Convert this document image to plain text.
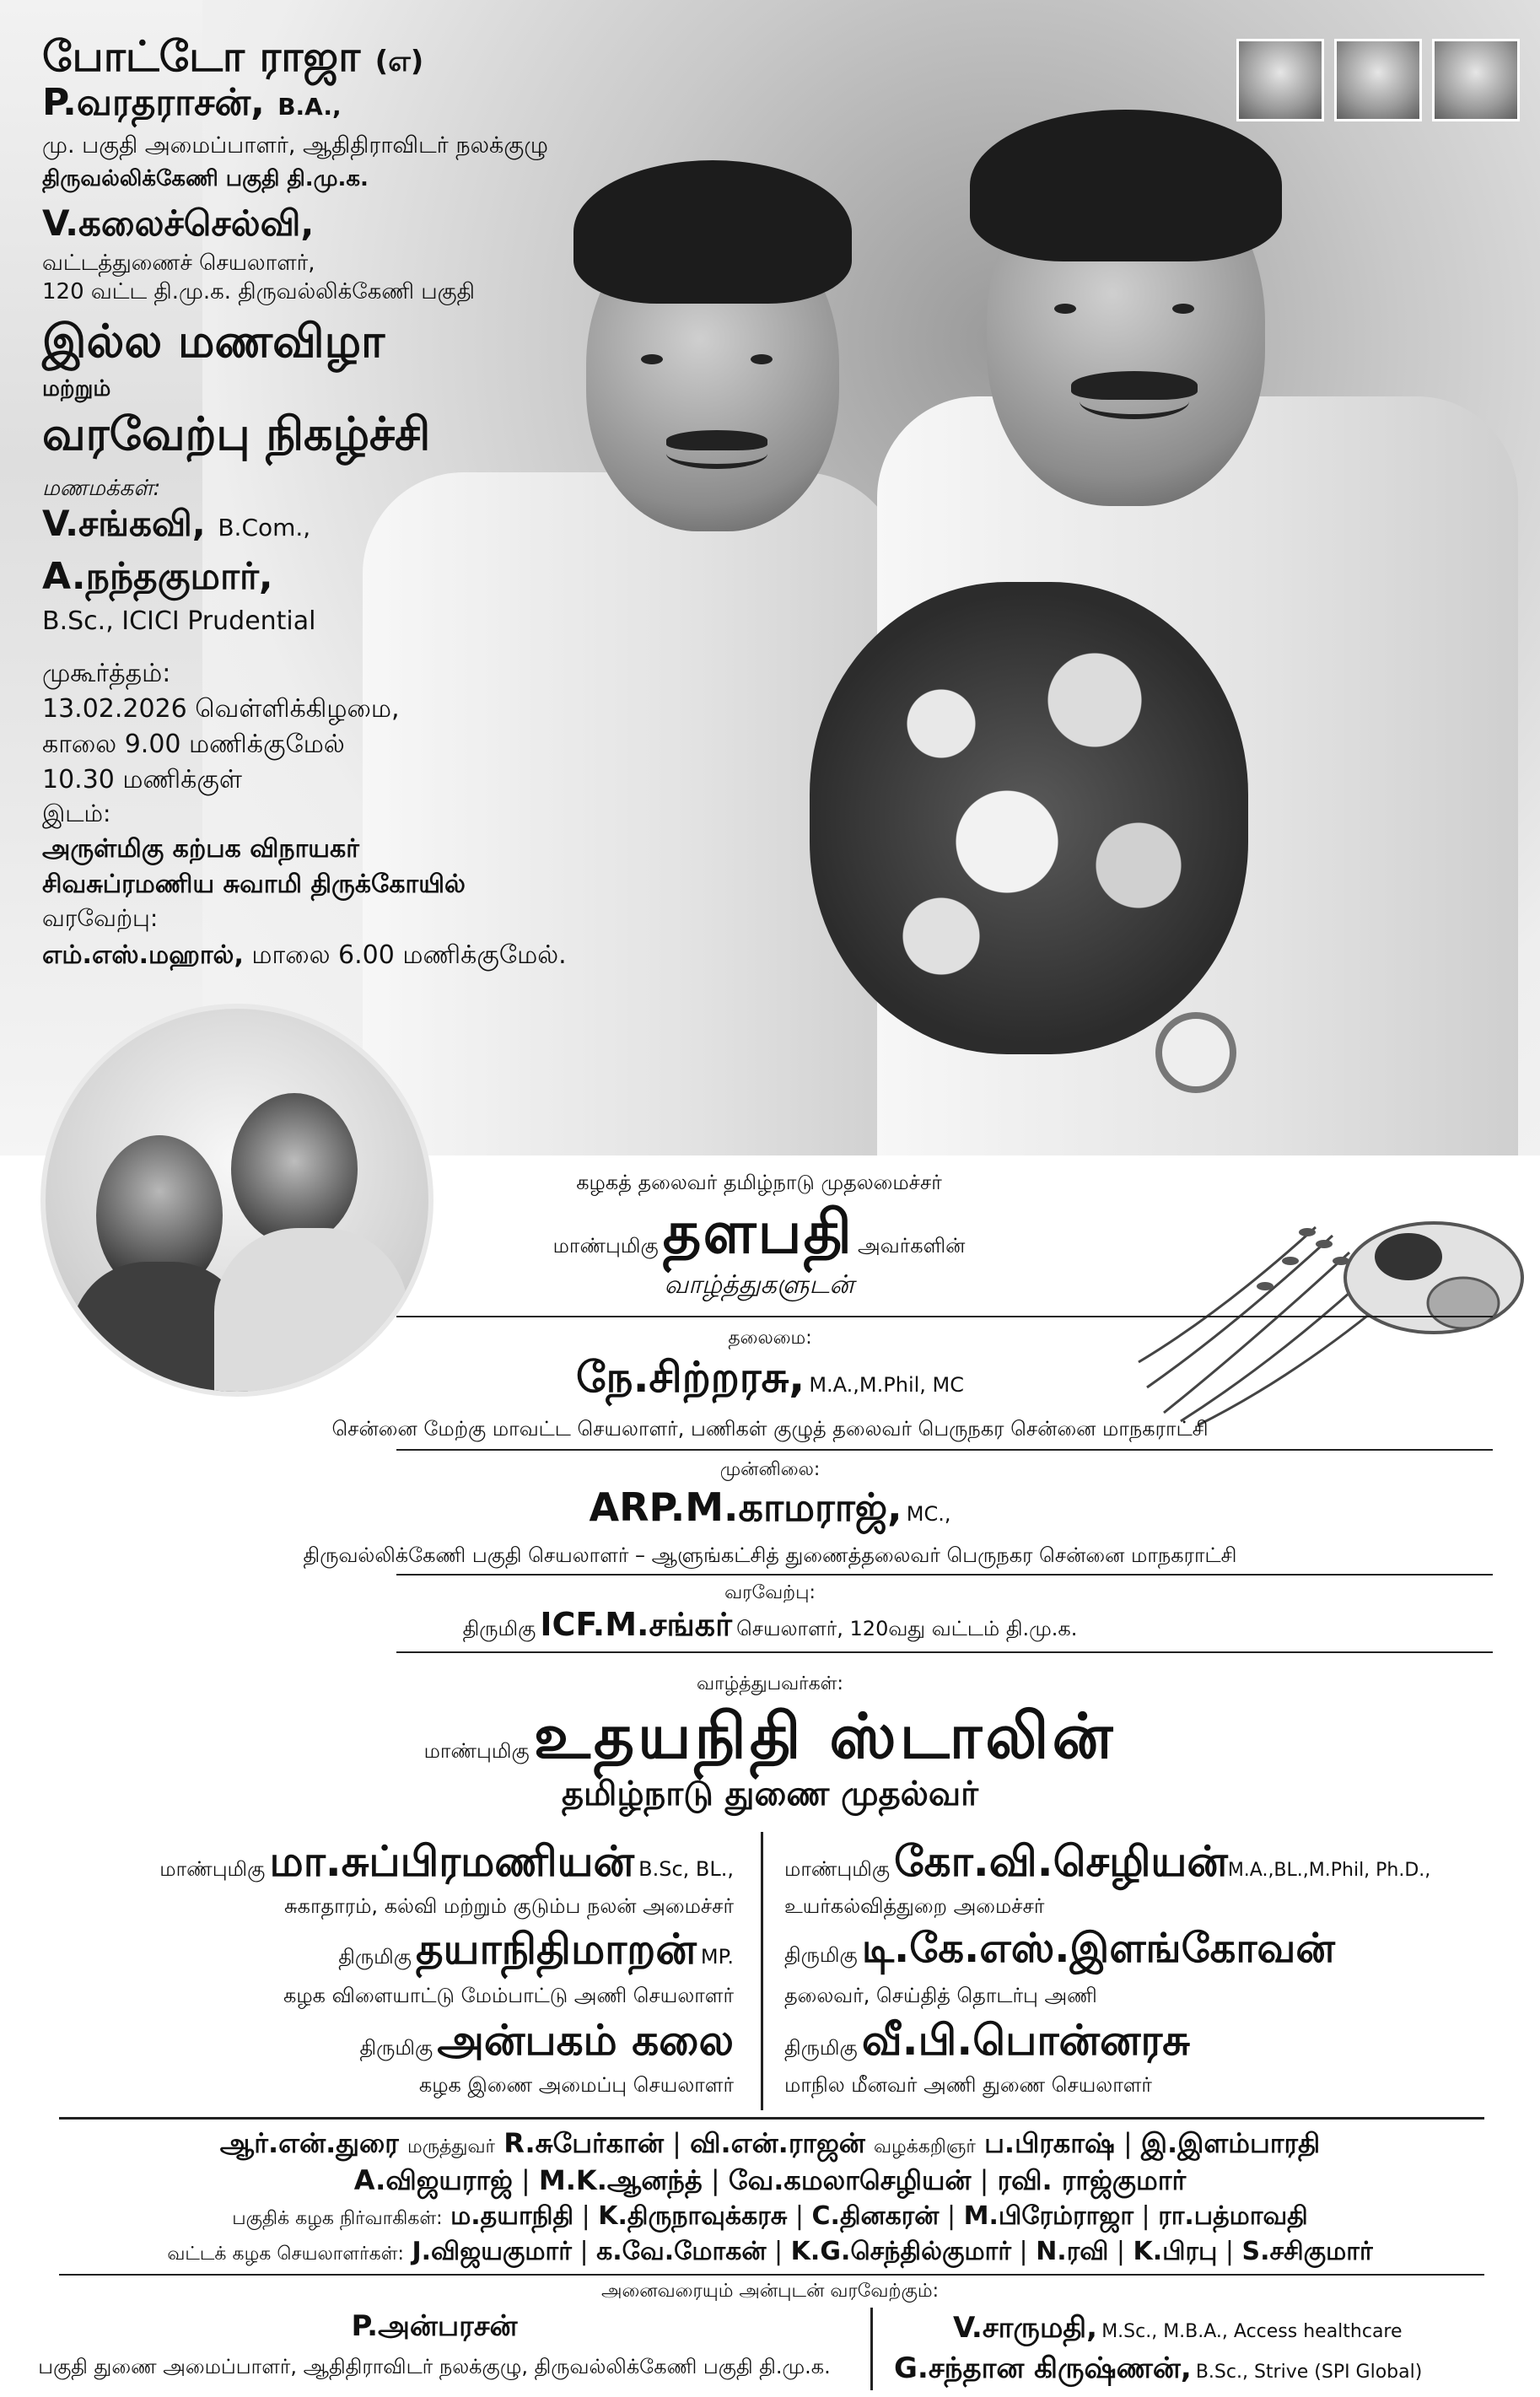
போட்டோ ராஜா (எ)
P.வரதராசன், B.A.,
மு. பகுதி அமைப்பாளர், ஆதிதிராவிடர் நலக்குழு
திருவல்லிக்கேணி பகுதி தி.மு.க.
V.கலைச்செல்வி,
வட்டத்துணைச் செயலாளர்,
120 வட்ட தி.மு.க. திருவல்லிக்கேணி பகுதி
இல்ல மணவிழா
மற்றும்
வரவேற்பு நிகழ்ச்சி
மணமக்கள்:
V.சங்கவி, B.Com.,
A.நந்தகுமார்,
B.Sc., ICICI Prudential
முகூர்த்தம்:
13.02.2026 வெள்ளிக்கிழமை,
காலை 9.00 மணிக்குமேல்
10.30 மணிக்குள்
இடம்:
அருள்மிகு கற்பக விநாயகர்
சிவசுப்ரமணிய சுவாமி திருக்கோயில்
வரவேற்பு:
எம்.எஸ்.மஹால், மாலை 6.00 மணிக்குமேல்.
கழகத் தலைவர் தமிழ்நாடு முதலமைச்சர்
மாண்புமிகு தளபதி அவர்களின்
வாழ்த்துகளுடன்
தலைமை:
நே.சிற்றரசு, M.A.,M.Phil, MC
சென்னை மேற்கு மாவட்ட செயலாளர், பணிகள் குழுத் தலைவர் பெருநகர சென்னை மாநகராட்சி
முன்னிலை:
ARP.M.காமராஜ், MC.,
திருவல்லிக்கேணி பகுதி செயலாளர் – ஆளுங்கட்சித் துணைத்தலைவர் பெருநகர சென்னை மாநகராட்சி
வரவேற்பு:
திருமிகு ICF.M.சங்கர் செயலாளர், 120வது வட்டம் தி.மு.க.
வாழ்த்துபவர்கள்:
மாண்புமிகு உதயநிதி ஸ்டாலின்
தமிழ்நாடு துணை முதல்வர்
மாண்புமிகு மா.சுப்பிரமணியன் B.Sc, BL.,
சுகாதாரம், கல்வி மற்றும் குடும்ப நலன் அமைச்சர்
திருமிகு தயாநிதிமாறன் MP.
கழக விளையாட்டு மேம்பாட்டு அணி செயலாளர்
திருமிகு அன்பகம் கலை
கழக இணை அமைப்பு செயலாளர்
மாண்புமிகு கோ.வி.செழியன்M.A.,BL.,M.Phil, Ph.D.,
உயர்கல்வித்துறை அமைச்சர்
திருமிகு டி.கே.எஸ்.இளங்கோவன்
தலைவர், செய்தித் தொடர்பு அணி
திருமிகு வீ.பி.பொன்னரசு
மாநில மீனவர் அணி துணை செயலாளர்
ஆர்.என்.துரை மருத்துவர் R.சுபேர்கான் | வி.என்.ராஜன் வழக்கறிஞர் ப.பிரகாஷ் | இ.இளம்பாரதி
A.விஜயராஜ் | M.K.ஆனந்த் | வே.கமலாசெழியன் | ரவி. ராஜ்குமார்
பகுதிக் கழக நிர்வாகிகள்: ம.தயாநிதி | K.திருநாவுக்கரசு | C.தினகரன் | M.பிரேம்ராஜா | ரா.பத்மாவதி
வட்டக் கழக செயலாளர்கள்: J.விஜயகுமார் | க.வே.மோகன் | K.G.செந்தில்குமார் | N.ரவி | K.பிரபு | S.சசிகுமார்
அனைவரையும் அன்புடன் வரவேற்கும்:
P.அன்பரசன்
பகுதி துணை அமைப்பாளர், ஆதிதிராவிடர் நலக்குழு, திருவல்லிக்கேணி பகுதி தி.மு.க.
V.சாருமதி, M.Sc., M.B.A., Access healthcare
G.சந்தான கிருஷ்ணன், B.Sc., Strive (SPI Global)
